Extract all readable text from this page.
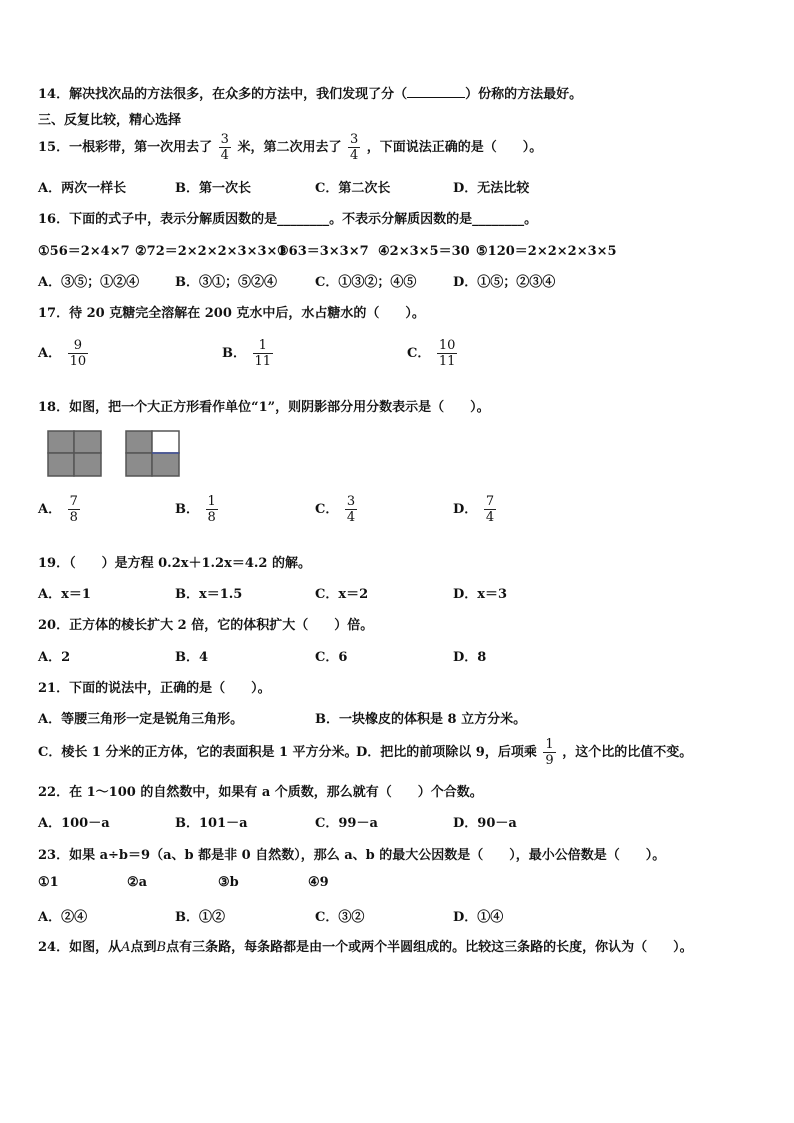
14．解决找次品的方法很多，在众多的方法中，我们发现了分（	）份称的方法最好。
三、反复比较，精心选择
15．一根彩带，第一次用去了 $\frac{3}{4}$ 米，第二次用去了 $\frac{3}{4}$ ，下面说法正确的是（　　）。
A．两次一样长	B．第一次长	C．第二次长	D．无法比较
16．下面的式子中，表示分解质因数的是________。不表示分解质因数的是________。
①56＝2×4×7 ②72＝2×2×2×3×3×1
③63＝3×3×7 ④2×3×5＝30 ⑤120＝2×2×2×3×5
A．③⑤；①②④	B．③①；⑤②④	C．①③②；④⑤	D．①⑤；②③④
17．待 20 克糖完全溶解在 200 克水中后，水占糖水的（　　）。
A． $\frac{9}{10}$	B． $\frac{1}{11}$	C． $\frac{10}{11}$
18．如图，把一个大正方形看作单位“1”，则阴影部分用分数表示是（　　）。
A． $\frac{7}{8}$	B． $\frac{1}{8}$	C． $\frac{3}{4}$	D． $\frac{7}{4}$
19．（　　）是方程 0.2x＋1.2x＝4.2 的解。
A．x＝1	B．x＝1.5	C．x＝2	D．x＝3
20．正方体的棱长扩大 2 倍，它的体积扩大（　　）倍。
A．2	B．4	C．6	D．8
21．下面的说法中，正确的是（　　）。
A．等腰三角形一定是锐角三角形。	B．一块橡皮的体积是 8 立方分米。
C．棱长 1 分米的正方体，它的表面积是 1 平方分米。
D．把比的前项除以 9，后项乘 $\frac{1}{9}$ ，这个比的比值不变。
22．在 1～100 的自然数中，如果有 a 个质数，那么就有（　　）个合数。
A．100－a	B．101－a	C．99－a	D．90－a
23．如果 a÷b＝9（a、b 都是非 0 自然数），那么 a、b 的最大公因数是（　　），最小公倍数是（　　）。
①1	②a	③b	④9
A．②④	B．①②	C．③②	D．①④
24．如图，从A点到B点有三条路，每条路都是由一个或两个半圆组成的。比较这三条路的长度，你认为（　　）。
